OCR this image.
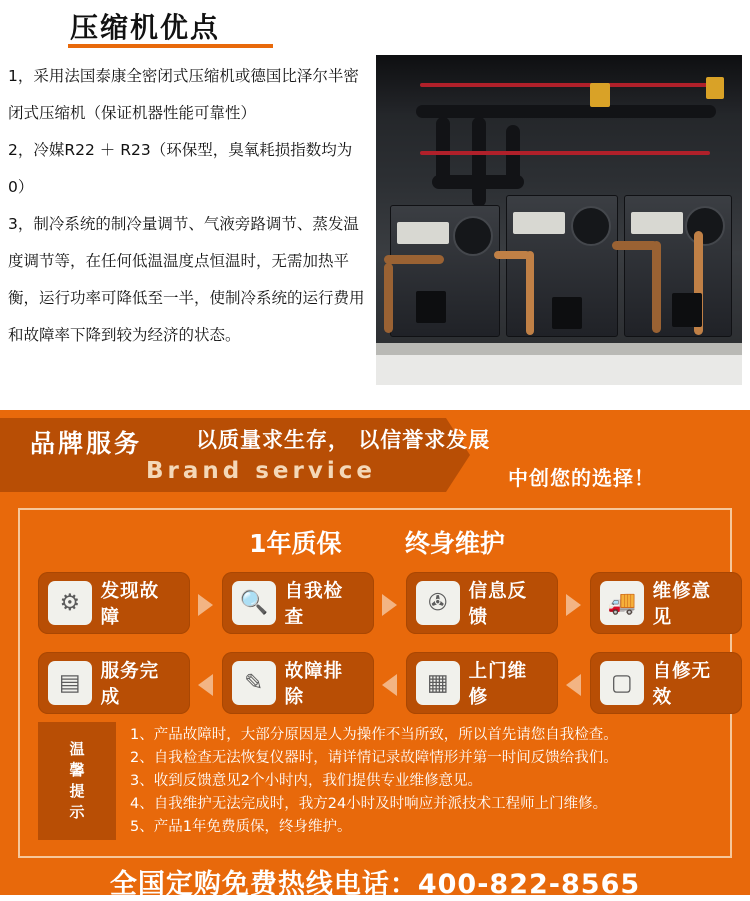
压缩机优点

1，采用法国泰康全密闭式压缩机或德国比泽尔半密闭式压缩机（保证机器性能可靠性）

2，冷媒R22 ＋ R23（环保型，臭氧耗损指数均为0）

3，制冷系统的制冷量调节、气液旁路调节、蒸发温度调节等，在任何低温温度点恒温时，无需加热平衡，运行功率可降低至一半，使制冷系统的运行费用和故障率下降到较为经济的状态。

品牌服务
Brand service
以质量求生存， 以信誉求发展
中创您的选择！
1年质保	终身维护
⚙	发现故障
🔍 自我检查
✇	信息反馈
🚚 维修意见
▤	服务完成
✎	故障排除
▦	上门维修
▢	自修无效
温
馨
提
示

1、产品故障时，大部分原因是人为操作不当所致，所以首先请您自我检查。

2、自我检查无法恢复仪器时，请详情记录故障情形并第一时间反馈给我们。

3、收到反馈意见2个小时内，我们提供专业维修意见。

4、自我维护无法完成时，我方24小时及时响应并派技术工程师上门维修。

5、产品1年免费质保，终身维护。

全国定购免费热线电话：400-822-8565
